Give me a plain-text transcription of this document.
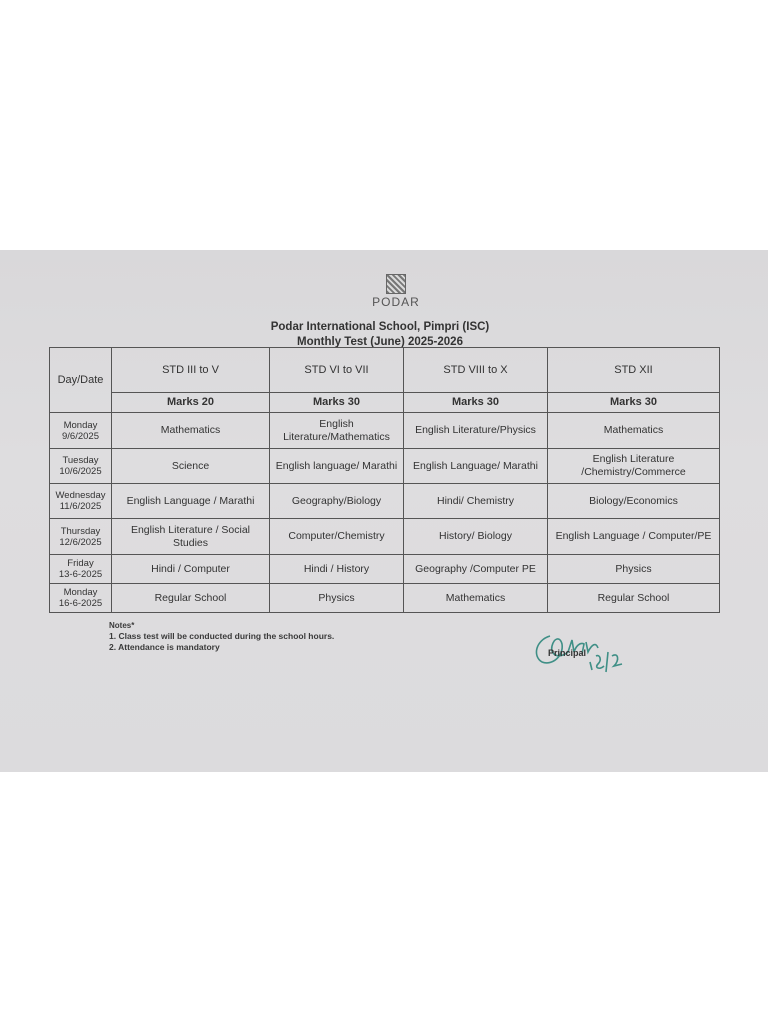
PODAR

Podar International School, Pimpri (ISC)
Monthly Test (June) 2025-2026
Day/Date	STD III to V	STD VI to VII	STD VIII to X	STD XII
	Marks 20	Marks 30	Marks 30	Marks 30
Monday
9/6/2025	Mathematics	English Literature/Mathematics	English Literature/Physics	Mathematics
Tuesday
10/6/2025	Science	English language/ Marathi	English Language/ Marathi	English Literature /Chemistry/Commerce
Wednesday
11/6/2025	English Language / Marathi	Geography/Biology	Hindi/ Chemistry	Biology/Economics
Thursday
12/6/2025	English Literature / Social Studies	Computer/Chemistry	History/ Biology	English Language / Computer/PE
Friday
13-6-2025	Hindi / Computer	Hindi / History	Geography /Computer PE	Physics
Monday
16-6-2025	Regular School	Physics	Mathematics	Regular School
Notes*
1. Class test will be conducted during the school hours.
2. Attendance is mandatory
Principal
